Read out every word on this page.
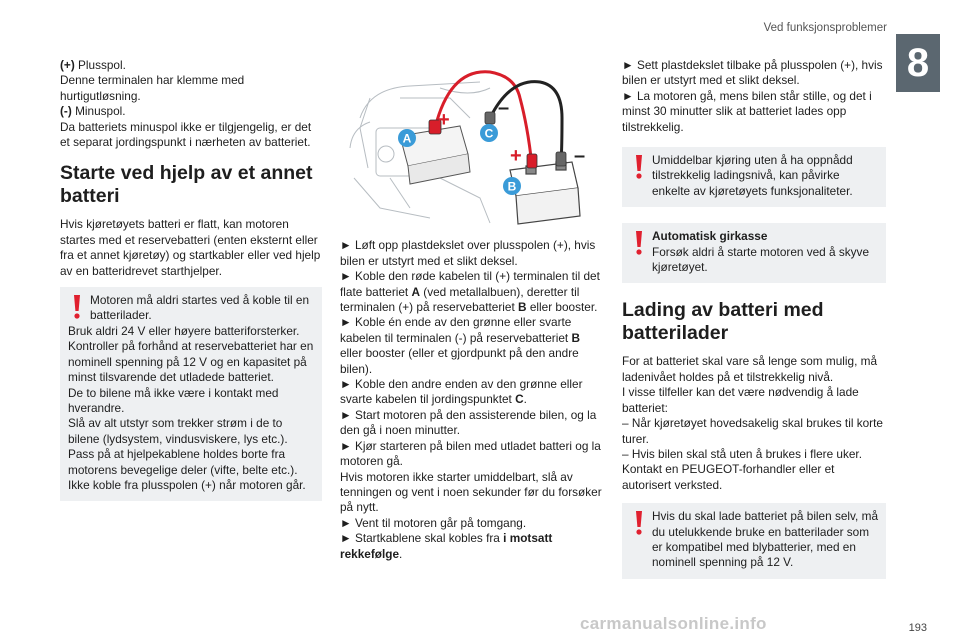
Ved funksjonsproblemer
8
(+) Plusspol.
Denne terminalen har klemme med hurtigutløsning.
(-) Minuspol.
Da batteriets minuspol ikke er tilgjengelig, er det et separat jordingspunkt i nærheten av batteriet.
Starte ved hjelp av et annet batteri
Hvis kjøretøyets batteri er flatt, kan motoren startes med et reservebatteri (enten eksternt eller fra et annet kjøretøy) og startkabler eller ved hjelp av en batteridrevet starthjelper.
Motoren må aldri startes ved å koble til en batterilader.
Bruk aldri 24 V eller høyere batteriforsterker.
Kontroller på forhånd at reservebatteriet har en nominell spenning på 12 V og en kapasitet på minst tilsvarende det utladede batteriet.
De to bilene må ikke være i kontakt med hverandre.
Slå av alt utstyr som trekker strøm i de to bilene (lydsystem, vindusviskere, lys etc.).
Pass på at hjelpekablene holdes borte fra motorens bevegelige deler (vifte, belte etc.).
Ikke koble fra plusspolen (+) når motoren går.
+
+
–
–
A	C
B
► Løft opp plastdekslet over plusspolen (+), hvis bilen er utstyrt med et slikt deksel.
► Koble den røde kabelen til (+) terminalen til det flate batteriet A (ved metallalbuen), deretter til terminalen (+) på reservebatteriet B eller booster.
► Koble én ende av den grønne eller svarte kabelen til terminalen (-) på reservebatteriet B eller booster (eller et gjordpunkt på den andre bilen).
► Koble den andre enden av den grønne eller svarte kabelen til jordingspunktet C.
► Start motoren på den assisterende bilen, og la den gå i noen minutter.
► Kjør starteren på bilen med utladet batteri og la motoren gå.
Hvis motoren ikke starter umiddelbart, slå av tenningen og vent i noen sekunder før du forsøker på nytt.
► Vent til motoren går på tomgang.
► Startkablene skal kobles fra i motsatt rekkefølge.
► Sett plastdekslet tilbake på plusspolen (+), hvis bilen er utstyrt med et slikt deksel.
► La motoren gå, mens bilen står stille, og det i minst 30 minutter slik at batteriet lades opp tilstrekkelig.
Umiddelbar kjøring uten å ha oppnådd tilstrekkelig ladingsnivå, kan påvirke enkelte av kjøretøyets funksjonaliteter.
Automatisk girkasse
Forsøk aldri å starte motoren ved å skyve kjøretøyet.
Lading av batteri med batterilader
For at batteriet skal vare så lenge som mulig, må ladenivået holdes på et tilstrekkelig nivå.
I visse tilfeller kan det være nødvendig å lade batteriet:
– Når kjøretøyet hovedsakelig skal brukes til korte turer.
– Hvis bilen skal stå uten å brukes i flere uker.
Kontakt en PEUGEOT-forhandler eller et autorisert verksted.
Hvis du skal lade batteriet på bilen selv, må du utelukkende bruke en batterilader som er kompatibel med blybatterier, med en nominell spenning på 12 V.
carmanualsonline.info	193
